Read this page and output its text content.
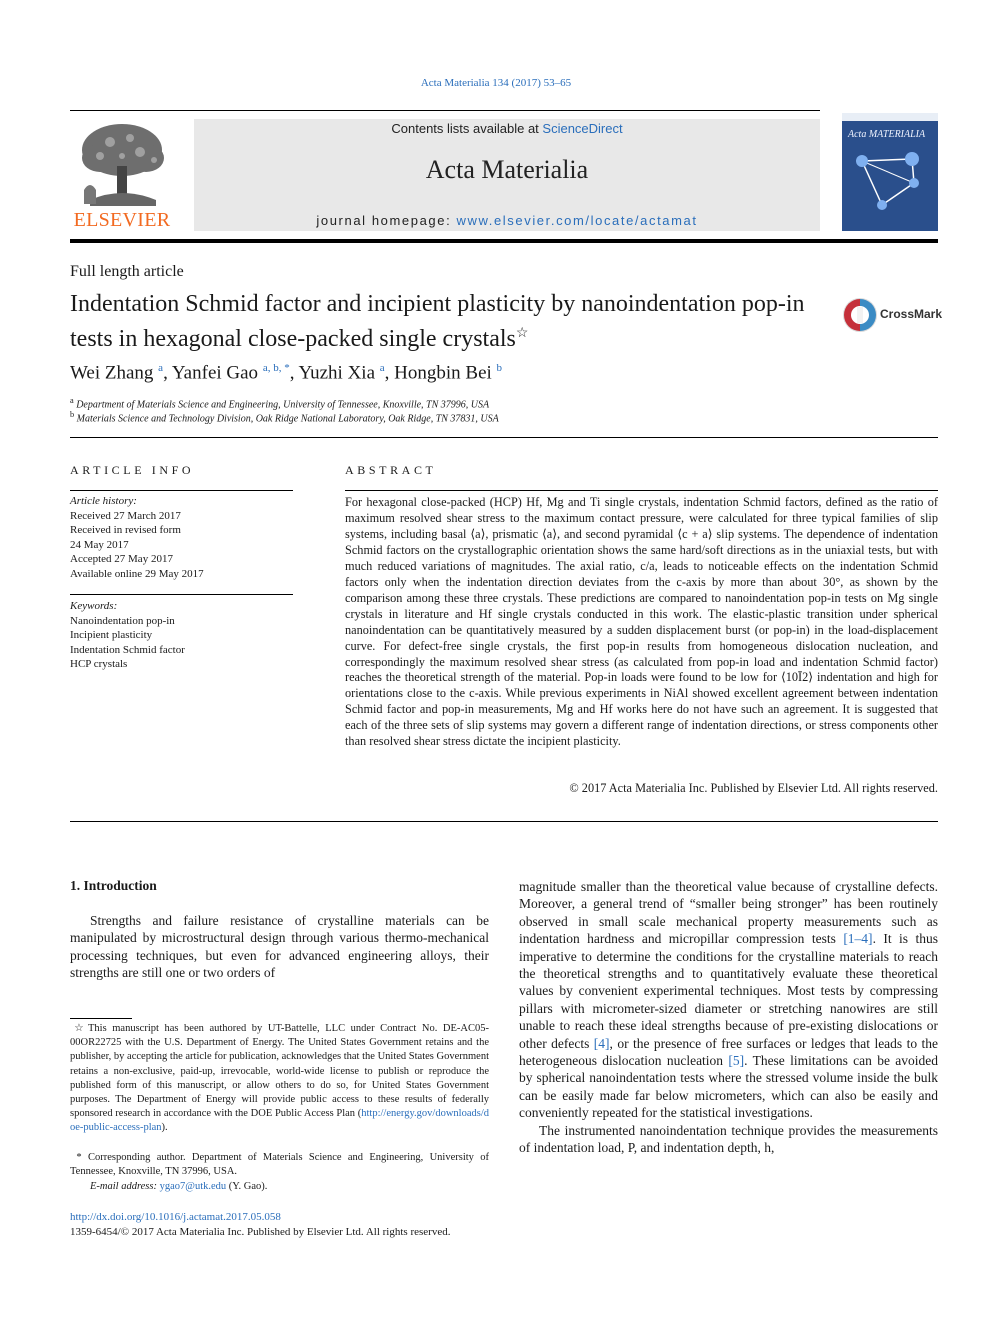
Acta Materialia 134 (2017) 53–65
ELSEVIER
Contents lists available at ScienceDirect
Acta Materialia
journal homepage: www.elsevier.com/locate/actamat
Acta MATERIALIA
Full length article
Indentation Schmid factor and incipient plasticity by nanoindentation pop-in tests in hexagonal close-packed single crystals☆
CrossMark
Wei Zhang $^a$, Yanfei Gao $^{a, b, *}$, Yuzhi Xia $^a$, Hongbin Bei $^b$
$^a$ Department of Materials Science and Engineering, University of Tennessee, Knoxville, TN 37996, USA
$^b$ Materials Science and Technology Division, Oak Ridge National Laboratory, Oak Ridge, TN 37831, USA
ARTICLE INFO
Article history:
Received 27 March 2017
Received in revised form
24 May 2017
Accepted 27 May 2017
Available online 29 May 2017
Keywords:
Nanoindentation pop-in
Incipient plasticity
Indentation Schmid factor
HCP crystals
ABSTRACT
For hexagonal close-packed (HCP) Hf, Mg and Ti single crystals, indentation Schmid factors, defined as the ratio of maximum resolved shear stress to the maximum contact pressure, were calculated for three typical families of slip systems, including basal ⟨a⟩, prismatic ⟨a⟩, and second pyramidal ⟨c + a⟩ slip systems. The dependence of indentation Schmid factors on the crystallographic orientation shows the same hard/soft directions as in the uniaxial tests, but with much reduced variations of magnitudes. The axial ratio, c/a, leads to noticeable effects on the indentation Schmid factors only when the indentation direction deviates from the c-axis by more than about 30°, as shown by the comparison among these three crystals. These predictions are compared to nanoindentation pop-in tests on Mg single crystals in literature and Hf single crystals conducted in this work. The elastic-plastic transition under spherical nanoindentation can be quantitatively measured by a sudden displacement burst (or pop-in) in the load-displacement curve. For defect-free single crystals, the first pop-in results from homogeneous dislocation nucleation, and correspondingly the maximum resolved shear stress (as calculated from pop-in load and indentation Schmid factor) reaches the theoretical strength of the material. Pop-in loads were found to be low for ⟨10Ī2⟩ indentation and high for orientations close to the c-axis. While previous experiments in NiAl showed excellent agreement between indentation Schmid factor and pop-in measurements, Mg and Hf works here do not have such an agreement. It is suggested that each of the three sets of slip systems may govern a different range of indentation directions, or stress components other than resolved shear stress dictate the incipient plasticity.
© 2017 Acta Materialia Inc. Published by Elsevier Ltd. All rights reserved.
1. Introduction
Strengths and failure resistance of crystalline materials can be manipulated by microstructural design through various thermo-mechanical processing techniques, but even for advanced engineering alloys, their strengths are still one or two orders of

magnitude smaller than the theoretical value because of crystalline defects. Moreover, a general trend of “smaller being stronger” has been routinely observed in small scale mechanical property measurements such as indentation hardness and micropillar compression tests [1–4]. It is thus imperative to determine the conditions for the crystalline materials to reach the theoretical strengths and to quantitatively evaluate these theoretical values by convenient experimental techniques. Most tests by compressing pillars with micrometer-sized diameter or stretching nanowires are still unable to reach these ideal strengths because of pre-existing dislocations or other defects [4], or the presence of free surfaces or ledges that leads to the heterogeneous dislocation nucleation [5]. These limitations can be avoided by spherical nanoindentation tests where the stressed volume inside the bulk can be easily made far below micrometers, which can also be easily and conveniently repeated for the statistical investigations.

The instrumented nanoindentation technique provides the measurements of indentation load, P, and indentation depth, h,

☆ This manuscript has been authored by UT-Battelle, LLC under Contract No. DE-AC05-00OR22725 with the U.S. Department of Energy. The United States Government retains and the publisher, by accepting the article for publication, acknowledges that the United States Government retains a non-exclusive, paid-up, irrevocable, world-wide license to publish or reproduce the published form of this manuscript, or allow others to do so, for United States Government purposes. The Department of Energy will provide public access to these results of federally sponsored research in accordance with the DOE Public Access Plan (http://energy.gov/downloads/doe-public-access-plan).
* Corresponding author. Department of Materials Science and Engineering, University of Tennessee, Knoxville, TN 37996, USA.
E-mail address: ygao7@utk.edu (Y. Gao).
http://dx.doi.org/10.1016/j.actamat.2017.05.058
1359-6454/© 2017 Acta Materialia Inc. Published by Elsevier Ltd. All rights reserved.
